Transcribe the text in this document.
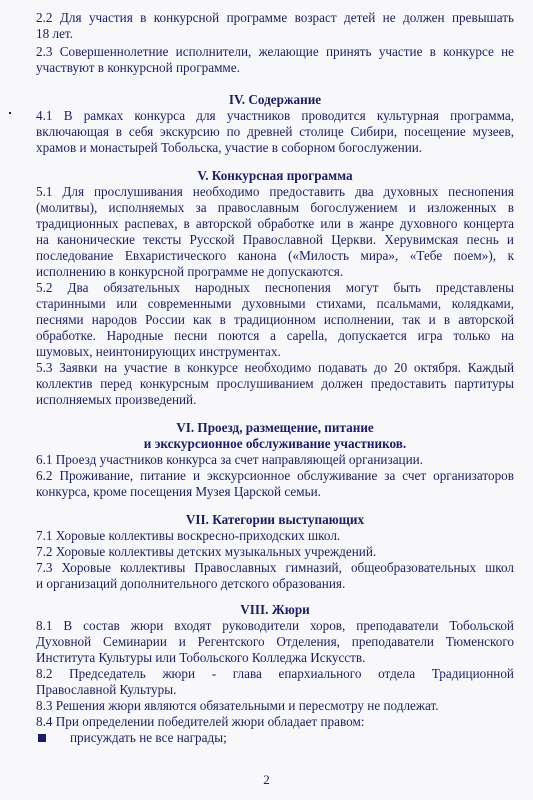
2.2 Для участия в конкурсной программе возраст детей не должен превышать
18 лет.
2.3 Совершеннолетние исполнители, желающие принять участие в конкурсе не
участвуют в конкурсной программе.
IV. Содержание
4.1 В рамках конкурса для участников проводится культурная программа,
включающая в себя экскурсию по древней столице Сибири, посещение музеев,
храмов и монастырей Тобольска, участие в соборном богослужении.
V. Конкурсная программа
5.1 Для прослушивания необходимо предоставить два духовных песнопения
(молитвы), исполняемых за православным богослужением и изложенных в
традиционных распевах, в авторской обработке или в жанре духовного концерта
на канонические тексты Русской Православной Церкви. Херувимская песнь и
последование Евхаристического канона («Милость мира», «Тебе поем»), к
исполнению в конкурсной программе не допускаются.
5.2 Два обязательных народных песнопения могут быть представлены
старинными или современными духовными стихами, псальмами, колядками,
песнями народов России как в традиционном исполнении, так и в авторской
обработке. Народные песни поются a capella, допускается игра только на
шумовых, неинтонирующих инструментах.
5.3 Заявки на участие в конкурсе необходимо подавать до 20 октября. Каждый
коллектив перед конкурсным прослушиванием должен предоставить партитуры
исполняемых произведений.
VI. Проезд, размещение, питание
и экскурсионное обслуживание участников.
6.1 Проезд участников конкурса за счет направляющей организации.
6.2 Проживание, питание и экскурсионное обслуживание за счет организаторов
конкурса, кроме посещения Музея Царской семьи.
VII. Категории выступающих
7.1 Хоровые коллективы воскресно-приходских школ.
7.2 Хоровые коллективы детских музыкальных учреждений.
7.3 Хоровые коллективы Православных гимназий, общеобразовательных школ
и организаций дополнительного детского образования.
VIII. Жюри
8.1 В состав жюри входят руководители хоров, преподаватели Тобольской
Духовной Семинарии и Регентского Отделения, преподаватели Тюменского
Института Культуры или Тобольского Колледжа Искусств.
8.2 Председатель жюри - глава епархиального отдела Традиционной
Православной Культуры.
8.3 Решения жюри являются обязательными и пересмотру не подлежат.
8.4 При определении победителей жюри обладает правом:
присуждать не все награды;
2
